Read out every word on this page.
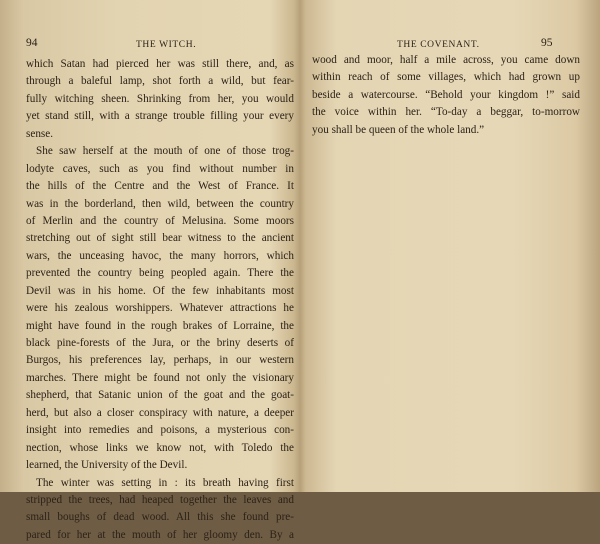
94	THE WITCH.
which Satan had pierced her was still there, and, as
through a baleful lamp, shot forth a wild, but fear-
fully witching sheen. Shrinking from her, you would
yet stand still, with a strange trouble filling your every
sense.
She saw herself at the mouth of one of those trog-
lodyte caves, such as you find without number in
the hills of the Centre and the West of France. It
was in the borderland, then wild, between the country
of Merlin and the country of Melusina. Some moors
stretching out of sight still bear witness to the ancient
wars, the unceasing havoc, the many horrors, which
prevented the country being peopled again. There the
Devil was in his home. Of the few inhabitants most
were his zealous worshippers. Whatever attractions he
might have found in the rough brakes of Lorraine, the
black pine-forests of the Jura, or the briny deserts of
Burgos, his preferences lay, perhaps, in our western
marches. There might be found not only the visionary
shepherd, that Satanic union of the goat and the goat-
herd, but also a closer conspiracy with nature, a deeper
insight into remedies and poisons, a mysterious con-
nection, whose links we know not, with Toledo the
learned, the University of the Devil.
The winter was setting in : its breath having first
stripped the trees, had heaped together the leaves and
small boughs of dead wood. All this she found pre-
pared for her at the mouth of her gloomy den. By a
THE COVENANT.	95
wood and moor, half a mile across, you came down
within reach of some villages, which had grown up
beside a watercourse. “Behold your kingdom !” said
the voice within her. “To-day a beggar, to-morrow
you shall be queen of the whole land.”
